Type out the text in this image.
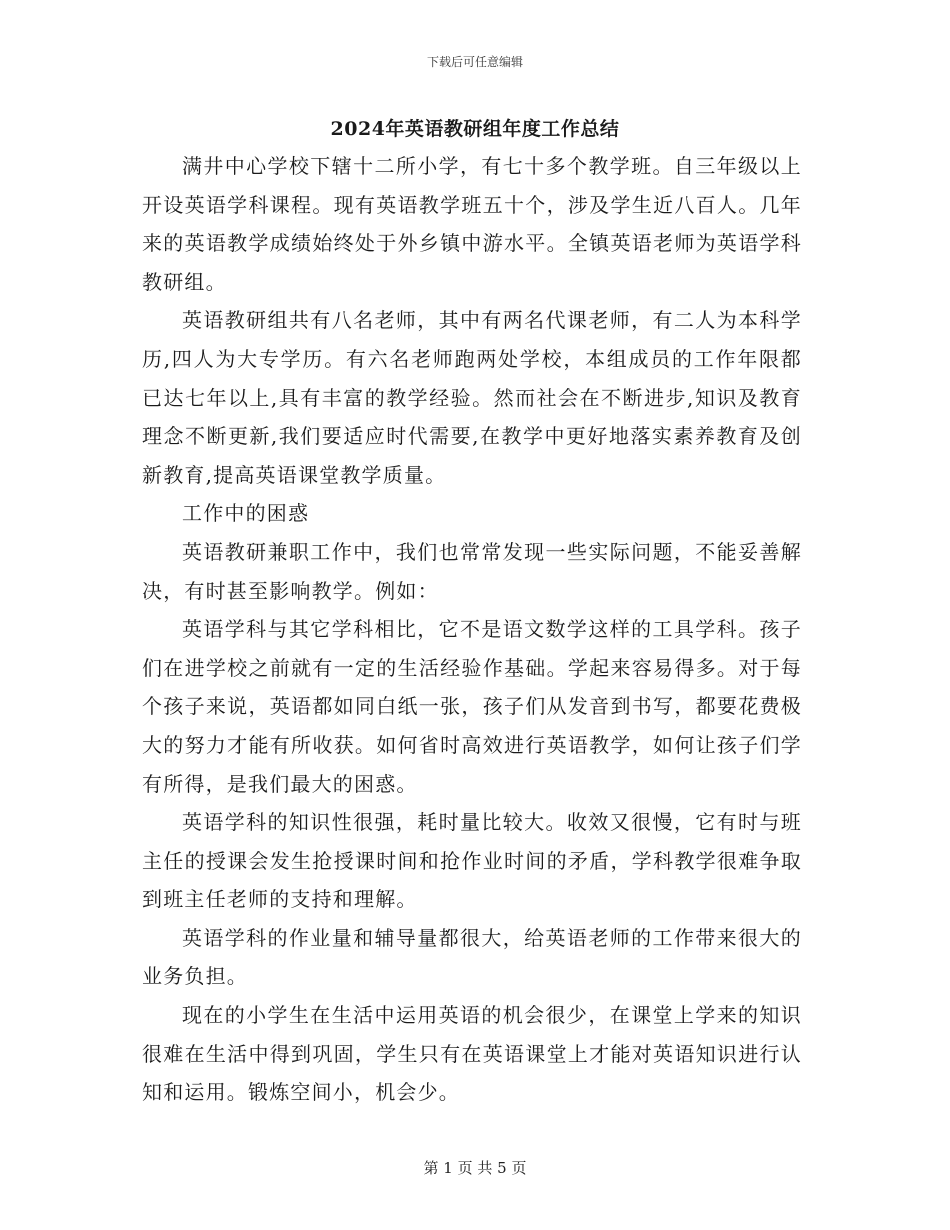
下载后可任意编辑
2024年英语教研组年度工作总结

满井中心学校下辖十二所小学，有七十多个教学班。自三年级以上开设英语学科课程。现有英语教学班五十个，涉及学生近八百人。几年来的英语教学成绩始终处于外乡镇中游水平。全镇英语老师为英语学科教研组。

英语教研组共有八名老师，其中有两名代课老师，有二人为本科学历,四人为大专学历。有六名老师跑两处学校，本组成员的工作年限都已达七年以上,具有丰富的教学经验。然而社会在不断进步,知识及教育理念不断更新,我们要适应时代需要,在教学中更好地落实素养教育及创新教育,提高英语课堂教学质量。

工作中的困惑

英语教研兼职工作中，我们也常常发现一些实际问题，不能妥善解决，有时甚至影响教学。例如：

英语学科与其它学科相比，它不是语文数学这样的工具学科。孩子们在进学校之前就有一定的生活经验作基础。学起来容易得多。对于每个孩子来说，英语都如同白纸一张，孩子们从发音到书写，都要花费极大的努力才能有所收获。如何省时高效进行英语教学，如何让孩子们学有所得，是我们最大的困惑。

英语学科的知识性很强，耗时量比较大。收效又很慢，它有时与班主任的授课会发生抢授课时间和抢作业时间的矛盾，学科教学很难争取到班主任老师的支持和理解。

英语学科的作业量和辅导量都很大，给英语老师的工作带来很大的业务负担。

现在的小学生在生活中运用英语的机会很少，在课堂上学来的知识很难在生活中得到巩固，学生只有在英语课堂上才能对英语知识进行认知和运用。锻炼空间小，机会少。

第 1 页 共 5 页
